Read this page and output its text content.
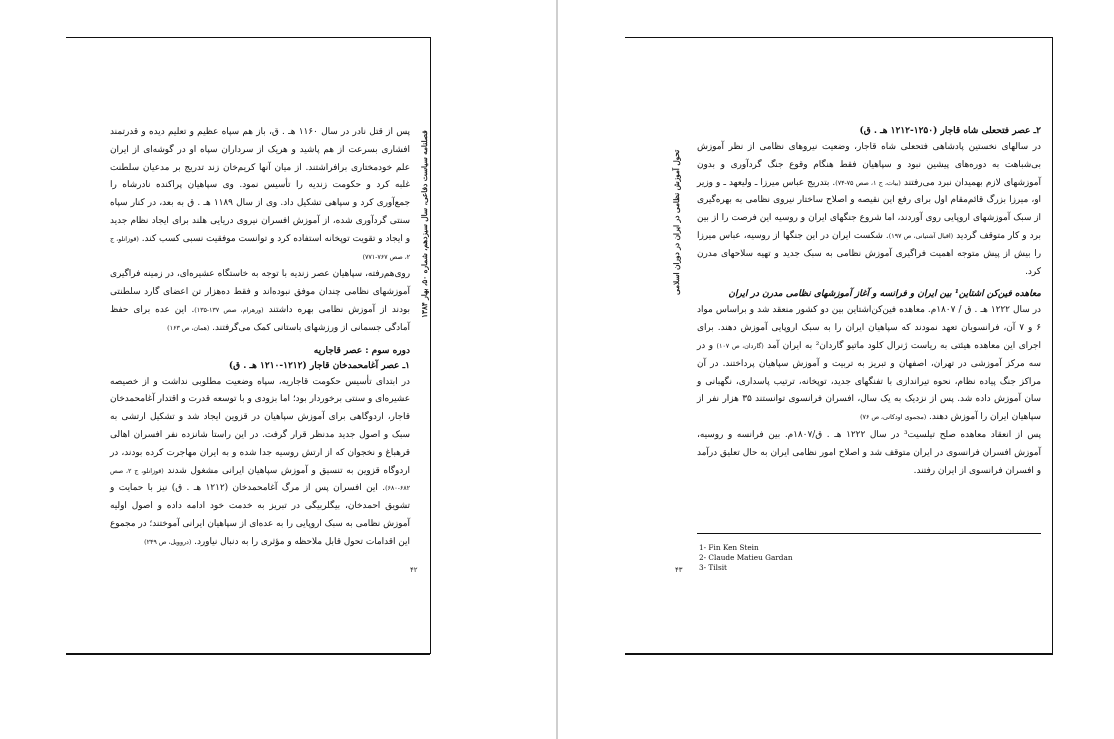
فصلنامه سیاست دفاعی، سال سیزدهم، شماره ۵۰، بهار ۱۳۸۴
۴۲

پس از قتل نادر در سال ۱۱۶۰ هـ . ق، باز هم سپاه عظیم و تعلیم دیده و قدرتمند افشاری بسرعت از هم پاشید و هریک از سرداران سپاه او در گوشه‌ای از ایران علم خودمختاری برافراشتند. از میان آنها کریم‌خان زند تدریج بر مدعیان سلطنت غلبه کرد و حکومت زندیه را تأسیس نمود. وی سپاهیان پراکنده نادرشاه را جمع‌آوری کرد و سپاهی تشکیل داد. وی از سال ۱۱۸۹ هـ . ق به بعد، در کنار سپاه سنتی گردآوری شده، از آموزش افسران نیروی دریایی هلند برای ایجاد نظام جدید و ایجاد و تقویت توپخانه استفاده کرد و توانست موفقیت نسبی کسب کند. (قوزانلو، ج ۲، صص ۷۶۷-۷۷۱)

روی‌هم‌رفته، سپاهیان عصر زندیه با توجه به خاستگاه عشیره‌ای، در زمینه فراگیری آموزشهای نظامی چندان موفق نبوده‌اند و فقط ده‌هزار تن اعضای گارد سلطنتی بودند از آموزش نظامی بهره داشتند (ورهرام، صص ۱۳۷-۱۳۵). این عده برای حفظ آمادگی جسمانی از ورزشهای باستانی کمک می‌گرفتند. (همان، ص ۱۶۳)

دوره سوم : عصر قاجاریه

۱ـ عصر آغامحمدخان قاجار (۱۲۱۲-۱۲۱۰ هـ . ق)

در ابتدای تأسیس حکومت قاجاریه، سپاه وضعیت مطلوبی نداشت و از خصیصه عشیره‌ای و سنتی برخوردار بود؛ اما بزودی و با توسعه قدرت و اقتدار آغامحمدخان قاجار، اردوگاهی برای آموزش سپاهیان در قزوین ایجاد شد و تشکیل ارتشی به سبک و اصول جدید مدنظر قرار گرفت. در این راستا شانزده نفر افسران اهالی قرهباغ و نخجوان که از ارتش روسیه جدا شده و به ایران مهاجرت کرده بودند، در اردوگاه قزوین به تنسیق و آموزش سپاهیان ایرانی مشغول شدند (قوزانلو، ج ۲، صص ۶۸۲-۶۸۰). این افسران پس از مرگ آغامحمدخان (۱۲۱۲ هـ . ق) نیز با حمایت و تشویق احمدخان، بیگلربیگی در تبریز به خدمت خود ادامه داده و اصول اولیه آموزش نظامی به سبک اروپایی را به عده‌ای از سپاهیان ایرانی آموختند؛ در مجموع این اقدامات تحول قابل ملاحظه و مؤثری را به دنبال نیاورد. (دروویل، ص ۲۴۹)

تحول آموزش نظامی در ایران در دوران اسلامی
۴۳

۲ـ عصر فتحعلی شاه قاجار (۱۲۵۰-۱۲۱۲ هـ . ق)

در سالهای نخستین پادشاهی فتحعلی شاه قاجار، وضعیت نیروهای نظامی از نظر آموزش بی‌شباهت به دوره‌های پیشین نبود و سپاهیان فقط هنگام وقوع جنگ گردآوری و بدون آموزشهای لازم بهمیدان نبرد می‌رفتند (بیات، ج ۱، صص ۷۵-۷۴). بتدریج عباس میرزا ـ ولیعهد ـ و وزیر او، میرزا بزرگ قائم‌مقام اول برای رفع این نقیصه و اصلاح ساختار نیروی نظامی به بهره‌گیری از سبک آموزشهای اروپایی روی آوردند، اما شروع جنگهای ایران و روسیه این فرصت را از بین برد و کار متوقف گردید (اقبال آشتیانی، ص ۱۹۷). شکست ایران در این جنگها از روسیه، عباس میرزا را بیش از پیش متوجه اهمیت فراگیری آموزش نظامی به سبک جدید و تهیه سلاحهای مدرن کرد.

معاهده فین‌کن اشتاین¹ بین ایران و فرانسه و آغاز آموزشهای نظامی مدرن در ایران

در سال ۱۲۲۲ هـ . ق / ۱۸۰۷م. معاهده فین‌کن‌اشتاین بین دو کشور منعقد شد و براساس مواد ۶ و ۷ آن، فرانسویان تعهد نمودند که سپاهیان ایران را به سبک اروپایی آموزش دهند. برای اجرای این معاهده هیئتی به ریاست ژنرال کلود ماتیو گاردان² به ایران آمد (گاردان، ص ۱۰۷) و در سه مرکز آموزشی در تهران، اصفهان و تبریز به تربیت و آموزش سپاهیان پرداختند. در آن مراکز جنگ پیاده نظام، نحوه تیراندازی با تفنگهای جدید، توپخانه، ترتیب پاسداری، نگهبانی و سان آموزش داده شد. پس از نزدیک به یک سال، افسران فرانسوی توانستند ۳۵ هزار نفر از سپاهیان ایران را آموزش دهند. (مجموی اودکانی، ص ۷۶)

پس از انعقاد معاهده صلح تیلسیت³ در سال ۱۲۲۲ هـ . ق/۱۸۰۷م. بین فرانسه و روسیه، آموزش افسران فرانسوی در ایران متوقف شد و اصلاح امور نظامی ایران به حال تعلیق درآمد و افسران فرانسوی از ایران رفتند.

1- Fin Ken Stein
2- Claude Matieu Gardan
3- Tilsit
